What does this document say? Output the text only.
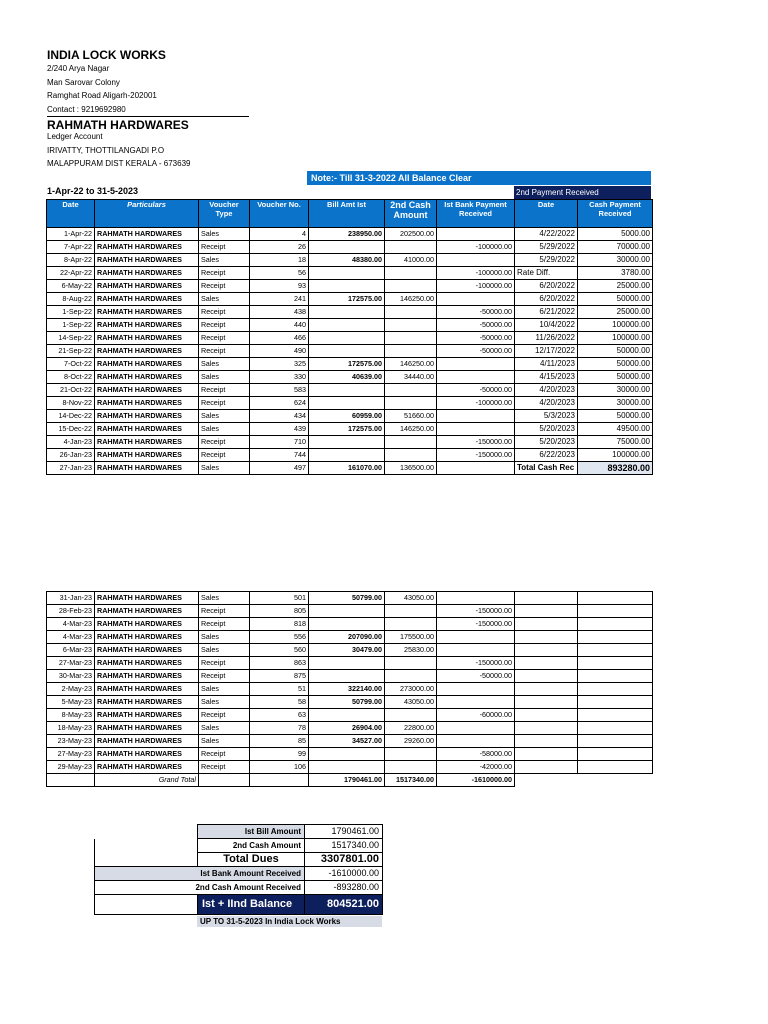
INDIA LOCK WORKS
2/240 Arya Nagar
Man Sarovar Colony
Ramghat Road Aligarh-202001
Contact : 9219692980
RAHMATH HARDWARES
Ledger Account
IRIVATTY, THOTTILANGADI P.O
MALAPPURAM DIST KERALA - 673639
Note:- Till 31-3-2022 All Balance Clear
1-Apr-22 to 31-5-2023	2nd Payment Received
Date	Particulars	Voucher Type	Voucher No.	Bill Amt Ist	2nd Cash Amount	Ist Bank Payment Received	Date	Cash Payment Received
1-Apr-22	RAHMATH HARDWARES	Sales	4	238950.00	202500.00		4/22/2022	5000.00
7-Apr-22	RAHMATH HARDWARES	Receipt	26			-100000.00	5/29/2022	70000.00
8-Apr-22	RAHMATH HARDWARES	Sales	18	48380.00	41000.00		5/29/2022	30000.00
22-Apr-22	RAHMATH HARDWARES	Receipt	56			-100000.00	Rate Diff.	3780.00
6-May-22	RAHMATH HARDWARES	Receipt	93			-100000.00	6/20/2022	25000.00
8-Aug-22	RAHMATH HARDWARES	Sales	241	172575.00	146250.00		6/20/2022	50000.00
1-Sep-22	RAHMATH HARDWARES	Receipt	438			-50000.00	6/21/2022	25000.00
1-Sep-22	RAHMATH HARDWARES	Receipt	440			-50000.00	10/4/2022	100000.00
14-Sep-22	RAHMATH HARDWARES	Receipt	466			-50000.00	11/26/2022	100000.00
21-Sep-22	RAHMATH HARDWARES	Receipt	490			-50000.00	12/17/2022	50000.00
7-Oct-22	RAHMATH HARDWARES	Sales	325	172575.00	146250.00		4/11/2023	50000.00
8-Oct-22	RAHMATH HARDWARES	Sales	330	40639.00	34440.00		4/15/2023	50000.00
21-Oct-22	RAHMATH HARDWARES	Receipt	583			-50000.00	4/20/2023	30000.00
8-Nov-22	RAHMATH HARDWARES	Receipt	624			-100000.00	4/20/2023	30000.00
14-Dec-22	RAHMATH HARDWARES	Sales	434	60959.00	51660.00		5/3/2023	50000.00
15-Dec-22	RAHMATH HARDWARES	Sales	439	172575.00	146250.00		5/20/2023	49500.00
4-Jan-23	RAHMATH HARDWARES	Receipt	710			-150000.00	5/20/2023	75000.00
26-Jan-23	RAHMATH HARDWARES	Receipt	744			-150000.00	6/22/2023	100000.00
27-Jan-23	RAHMATH HARDWARES	Sales	497	161070.00	136500.00		Total Cash Rec	893280.00
31-Jan-23	RAHMATH HARDWARES	Sales	501	50799.00	43050.00			
28-Feb-23	RAHMATH HARDWARES	Receipt	805			-150000.00		
4-Mar-23	RAHMATH HARDWARES	Receipt	818			-150000.00		
4-Mar-23	RAHMATH HARDWARES	Sales	556	207090.00	175500.00			
6-Mar-23	RAHMATH HARDWARES	Sales	560	30479.00	25830.00			
27-Mar-23	RAHMATH HARDWARES	Receipt	863			-150000.00		
30-Mar-23	RAHMATH HARDWARES	Receipt	875			-50000.00		
2-May-23	RAHMATH HARDWARES	Sales	51	322140.00	273000.00			
5-May-23	RAHMATH HARDWARES	Sales	58	50799.00	43050.00			
8-May-23	RAHMATH HARDWARES	Receipt	63			-60000.00		
18-May-23	RAHMATH HARDWARES	Sales	78	26904.00	22800.00			
23-May-23	RAHMATH HARDWARES	Sales	85	34527.00	29260.00			
27-May-23	RAHMATH HARDWARES	Receipt	99			-58000.00		
29-May-23	RAHMATH HARDWARES	Receipt	106			-42000.00		
	Grand Total			1790461.00	1517340.00	-1610000.00		
	Ist Bill Amount	1790461.00
	2nd Cash Amount	1517340.00
	Total Dues	3307801.00
Ist Bank Amount Received		-1610000.00
2nd Cash Amount Received		-893280.00
	Ist + IInd Balance	804521.00
UP TO 31-5-2023 In India Lock Works
